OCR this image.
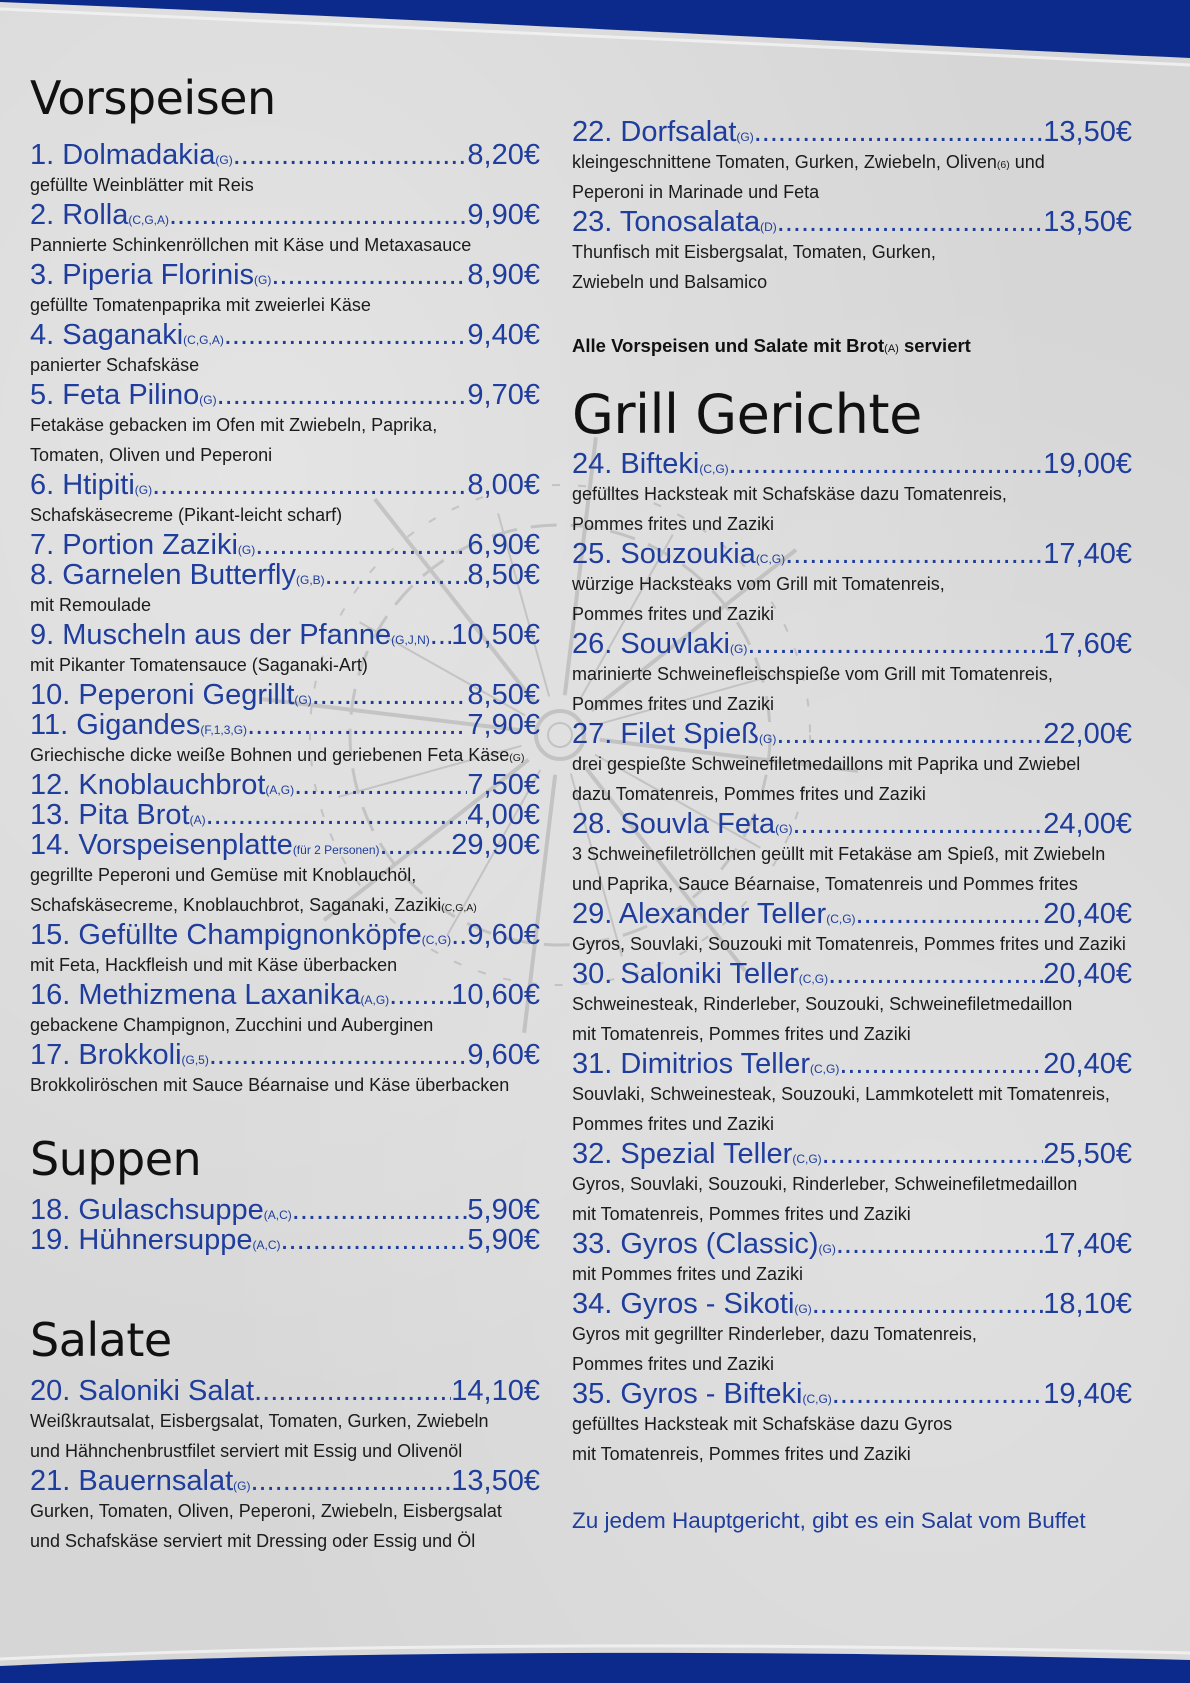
Vorspeisen
1. Dolmadakia(G) .....	8,20€
gefüllte Weinblätter mit Reis
2. Rolla(C,G,A) .....	9,90€
Pannierte Schinkenröllchen mit Käse und Metaxasauce
3. Piperia Florinis(G) .....	8,90€
gefüllte Tomatenpaprika mit zweierlei Käse
4. Saganaki(C,G,A) .....	9,40€
panierter Schafskäse
5. Feta Pilino(G) .....	9,70€
Fetakäse gebacken im Ofen mit Zwiebeln, Paprika,
Tomaten, Oliven und Peperoni
6. Htipiti(G) .....	8,00€
Schafskäsecreme (Pikant-leicht scharf)
7. Portion Zaziki(G) .....	6,90€
8. Garnelen Butterfly(G,B) .....	8,50€
mit Remoulade
9. Muscheln aus der Pfanne(G,J,N) ..... 10,50€
mit Pikanter Tomatensauce (Saganaki-Art)
10. Peperoni Gegrillt(G) .....	8,50€
11. Gigandes(F,1,3,G) .....	7,90€
Griechische dicke weiße Bohnen und geriebenen Feta Käse(G)
12. Knoblauchbrot(A,G) .....	7,50€
13. Pita Brot(A) .....	4,00€
14. Vorspeisenplatte(für 2 Personen) ..... 29,90€
gegrillte Peperoni und Gemüse mit Knoblauchöl,
Schafskäsecreme, Knoblauchbrot, Saganaki, Zaziki(C,G,A)
15. Gefüllte Champignonköpfe(C,G) ..... 9,60€
mit Feta, Hackfleish und mit Käse überbacken
16. Methizmena Laxanika(A,G) ..... 10,60€
gebackene Champignon, Zucchini und Auberginen
17. Brokkoli(G,5) .....	9,60€
Brokkoliröschen mit Sauce Béarnaise und Käse überbacken
Suppen
18. Gulaschsuppe(A,C) .....	5,90€
19. Hühnersuppe(A,C) .....	5,90€
Salate
20. Saloniki Salat .....	14,10€
Weißkrautsalat, Eisbergsalat, Tomaten, Gurken, Zwiebeln
und Hähnchenbrustfilet serviert mit Essig und Olivenöl
21. Bauernsalat(G) .....	13,50€
Gurken, Tomaten, Oliven, Peperoni, Zwiebeln, Eisbergsalat
und Schafskäse serviert mit Dressing oder Essig und Öl
22. Dorfsalat(G) .....	13,50€
kleingeschnittene Tomaten, Gurken, Zwiebeln, Oliven(6) und
Peperoni in Marinade und Feta
23. Tonosalata(D) .....	13,50€
Thunfisch mit Eisbergsalat, Tomaten, Gurken,
Zwiebeln und Balsamico
Alle Vorspeisen und Salate mit Brot(A) serviert
Grill Gerichte
24. Bifteki(C,G) .....	19,00€
gefülltes Hacksteak mit Schafskäse dazu Tomatenreis,
Pommes frites und Zaziki
25. Souzoukia(C,G) .....	17,40€
würzige Hacksteaks vom Grill mit Tomatenreis,
Pommes frites und Zaziki
26. Souvlaki(G) .....	17,60€
marinierte Schweinefleischspieße vom Grill mit Tomatenreis,
Pommes frites und Zaziki
27. Filet Spieß(G) .....	22,00€
drei gespießte Schweinefiletmedaillons mit Paprika und Zwiebel
dazu Tomatenreis, Pommes frites und Zaziki
28. Souvla Feta(G) .....	24,00€
3 Schweinefiletröllchen geüllt mit Fetakäse am Spieß, mit Zwiebeln
und Paprika, Sauce Béarnaise, Tomatenreis und Pommes frites
29. Alexander Teller(C,G) .....	20,40€
Gyros, Souvlaki, Souzouki mit Tomatenreis, Pommes frites und Zaziki
30. Saloniki Teller(C,G) .....	20,40€
Schweinesteak, Rinderleber, Souzouki, Schweinefiletmedaillon
mit Tomatenreis, Pommes frites und Zaziki
31. Dimitrios Teller(C,G) .....	20,40€
Souvlaki, Schweinesteak, Souzouki, Lammkotelett mit Tomatenreis,
Pommes frites und Zaziki
32. Spezial Teller(C,G) .....	25,50€
Gyros, Souvlaki, Souzouki, Rinderleber, Schweinefiletmedaillon
mit Tomatenreis, Pommes frites und Zaziki
33. Gyros (Classic)(G) .....	17,40€
mit Pommes frites und Zaziki
34. Gyros - Sikoti(G) .....	18,10€
Gyros mit gegrillter Rinderleber, dazu Tomatenreis,
Pommes frites und Zaziki
35. Gyros - Bifteki(C,G) .....	19,40€
gefülltes Hacksteak mit Schafskäse dazu Gyros
mit Tomatenreis, Pommes frites und Zaziki
Zu jedem Hauptgericht, gibt es ein Salat vom Buffet
